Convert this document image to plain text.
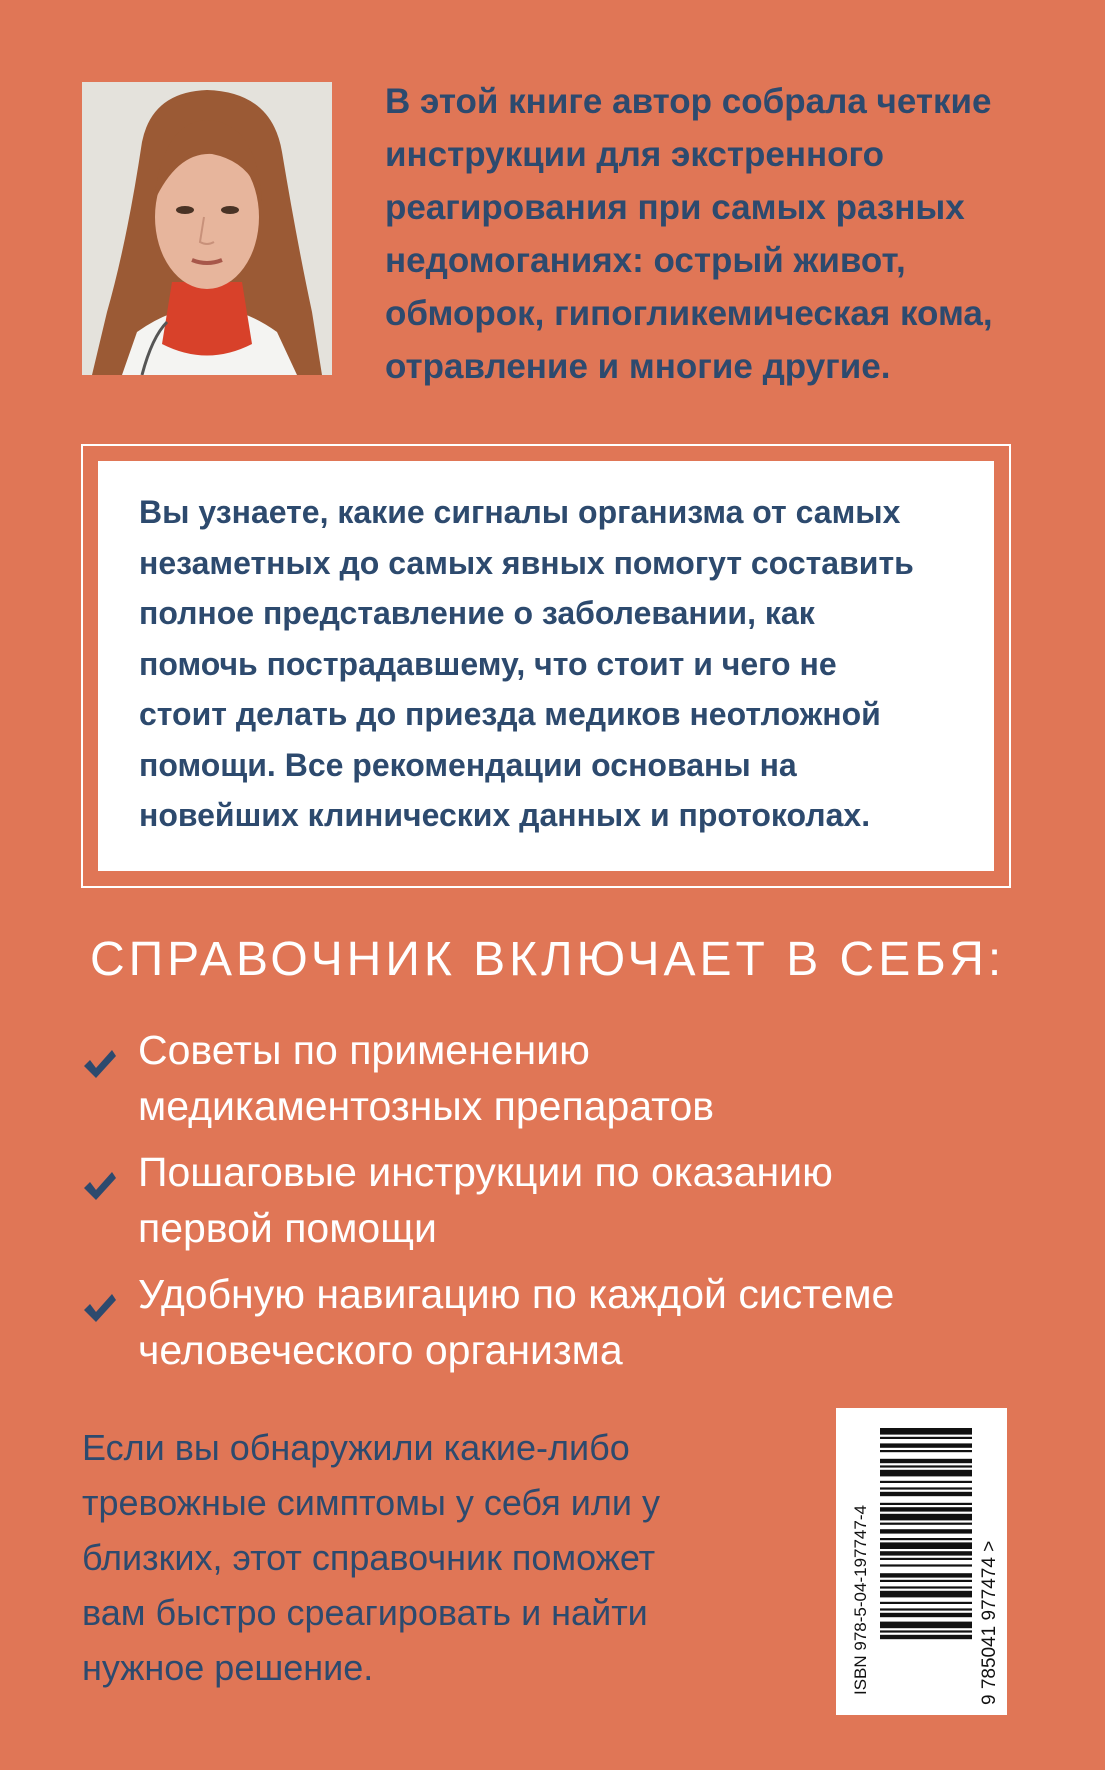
В этой книге автор собрала четкие
инструкции для экстренного
реагирования при самых разных
недомоганиях: острый живот,
обморок, гипогликемическая кома,
отравление и многие другие.
Вы узнаете, какие сигналы организма от самых
незаметных до самых явных помогут составить
полное представление о заболевании, как
помочь пострадавшему, что стоит и чего не
стоит делать до приезда медиков неотложной
помощи. Все рекомендации основаны на
новейших клинических данных и протоколах.
СПРАВОЧНИК ВКЛЮЧАЕТ В СЕБЯ:
Советы по применению
медикаментозных препаратов
Пошаговые инструкции по оказанию
первой помощи
Удобную навигацию по каждой системе
человеческого организма
Если вы обнаружили какие-либо
тревожные симптомы у себя или у
близких, этот справочник поможет
вам быстро среагировать и найти
нужное решение.	ISBN 978-5-04-197747-4	9 785041 977474 >
